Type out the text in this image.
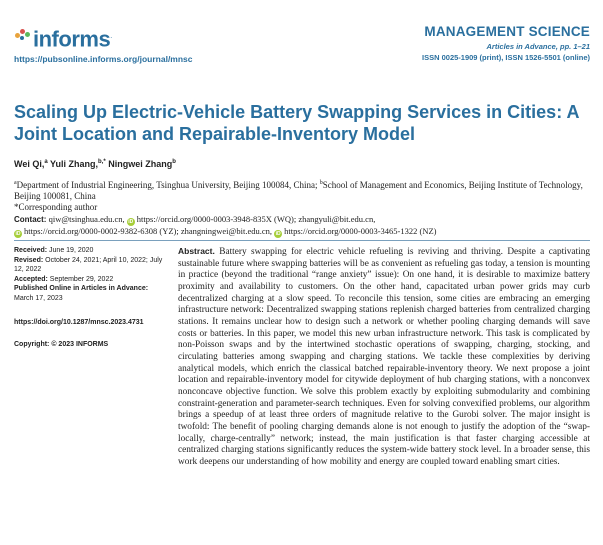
informs.
https://pubsonline.informs.org/journal/mnsc
MANAGEMENT SCIENCE
Articles in Advance, pp. 1–21
ISSN 0025-1909 (print), ISSN 1526-5501 (online)
Scaling Up Electric-Vehicle Battery Swapping Services in Cities: A Joint Location and Repairable-Inventory Model
Wei Qi,$^a$ Yuli Zhang,$^{b,*}$ Ningwei Zhang$^b$
$^a$Department of Industrial Engineering, Tsinghua University, Beijing 100084, China; $^b$School of Management and Economics, Beijing Institute of Technology, Beijing 100081, China
*Corresponding author
Contact: qiw@tsinghua.edu.cn, iD https://orcid.org/0000-0003-3948-835X (WQ); zhangyuli@bit.edu.cn,
iD https://orcid.org/0000-0002-9382-6308 (YZ); zhangningwei@bit.edu.cn, iD https://orcid.org/0000-0003-3465-1322 (NZ)
Received: June 19, 2020
Revised: October 24, 2021; April 10, 2022; July 12, 2022
Accepted: September 29, 2022
Published Online in Articles in Advance:
March 17, 2023
https://doi.org/10.1287/mnsc.2023.4731
Copyright: © 2023 INFORMS
Abstract. Battery swapping for electric vehicle refueling is reviving and thriving. Despite a captivating sustainable future where swapping batteries will be as convenient as refueling gas today, a tension is mounting in practice (beyond the traditional “range anxiety” issue): On one hand, it is desirable to maximize battery proximity and availability to customers. On the other hand, capacitated urban power grids may curb decentralized charging at a slow speed. To reconcile this tension, some cities are embracing an emerging infrastructure network: Decentralized swapping stations replenish charged batteries from centralized charging stations. It remains unclear how to design such a network or whether pooling charging demands will save costs or batteries. In this paper, we model this new urban infrastructure network. This task is complicated by non-Poisson swaps and by the intertwined stochastic operations of swapping, charging, stocking, and circulating batteries among swapping and charging stations. We tackle these complexities by deriving analytical models, which enrich the classical batched repairable-inventory theory. We next propose a joint location and repairable-inventory model for citywide deployment of hub charging stations, with a nonconvex nonconcave objective function. We solve this problem exactly by exploiting submodularity and combining constraint-generation and parameter-search techniques. Even for solving convexified problems, our algorithm brings a speedup of at least three orders of magnitude relative to the Gurobi solver. The major insight is twofold: The benefit of pooling charging demands alone is not enough to justify the adoption of the “swap-locally, charge-centrally” network; instead, the main justification is that faster charging accessible at centralized charging stations significantly reduces the system-wide battery stock level. In a broader sense, this work deepens our understanding of how mobility and energy are coupled toward enabling smart cities.
